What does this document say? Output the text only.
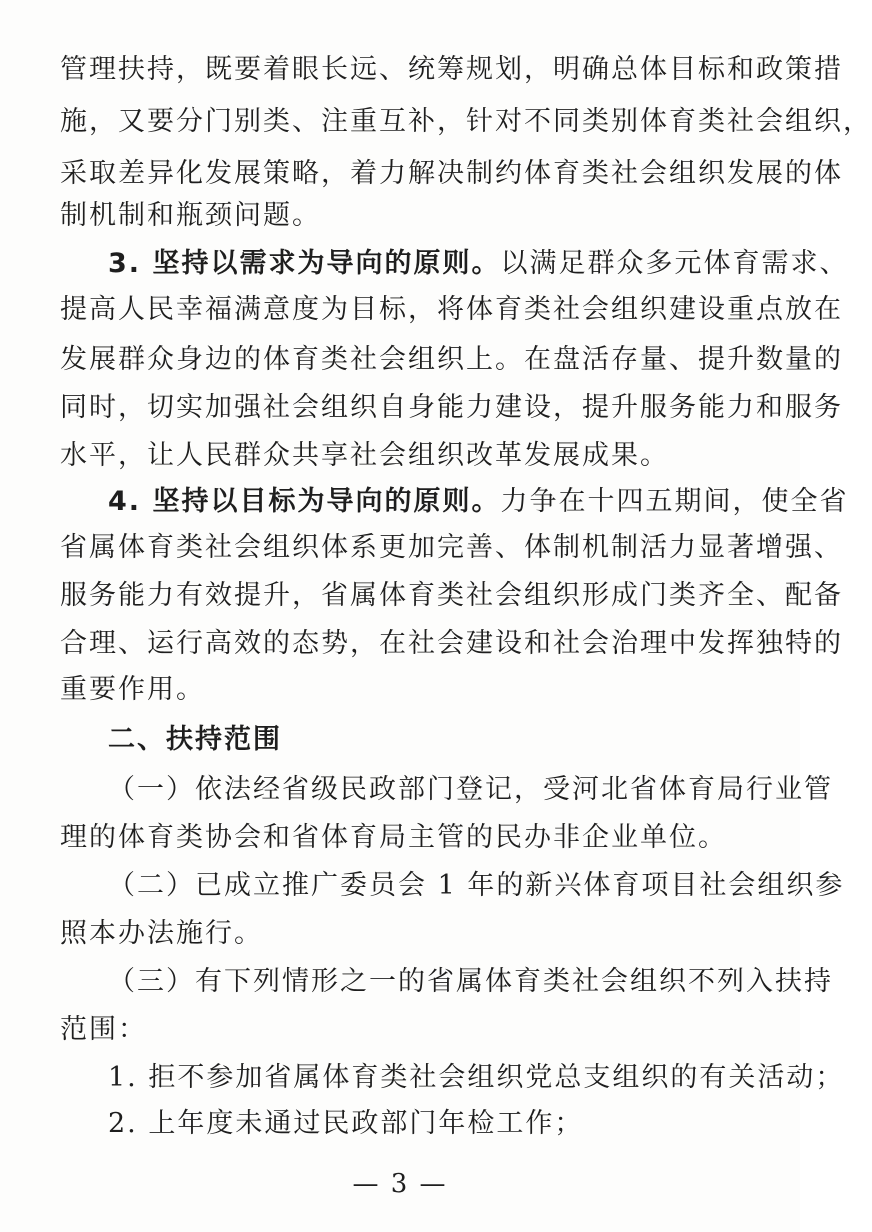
管理扶持，既要着眼长远、统筹规划，明确总体目标和政策措
施，又要分门别类、注重互补，针对不同类别体育类社会组织，
采取差异化发展策略，着力解决制约体育类社会组织发展的体
制机制和瓶颈问题。
3. 坚持以需求为导向的原则。以满足群众多元体育需求、
提高人民幸福满意度为目标，将体育类社会组织建设重点放在
发展群众身边的体育类社会组织上。在盘活存量、提升数量的
同时，切实加强社会组织自身能力建设，提升服务能力和服务
水平，让人民群众共享社会组织改革发展成果。
4. 坚持以目标为导向的原则。力争在十四五期间，使全省
省属体育类社会组织体系更加完善、体制机制活力显著增强、
服务能力有效提升，省属体育类社会组织形成门类齐全、配备
合理、运行高效的态势，在社会建设和社会治理中发挥独特的
重要作用。
二、扶持范围
（一）依法经省级民政部门登记，受河北省体育局行业管
理的体育类协会和省体育局主管的民办非企业单位。
（二）已成立推广委员会 1 年的新兴体育项目社会组织参
照本办法施行。
（三）有下列情形之一的省属体育类社会组织不列入扶持
范围：
1. 拒不参加省属体育类社会组织党总支组织的有关活动；
2. 上年度未通过民政部门年检工作；
— 3 —
